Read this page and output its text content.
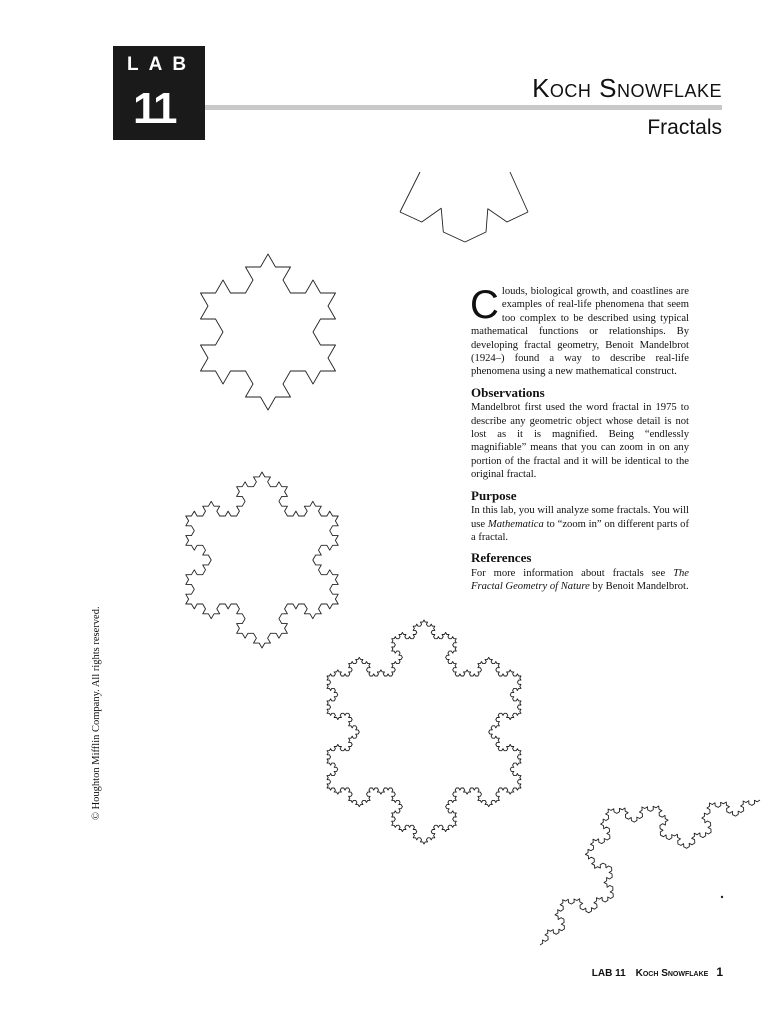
LAB
11	Koch Snowflake
Fractals
© Houghton Mifflin Company. All rights reserved.

Clouds, biological growth, and coastlines are examples of real-life phenomena that seem too complex to be described using typical mathematical functions or relationships. By developing fractal geometry, Benoit Mandelbrot (1924–) found a way to describe real-life phenomena using a new mathematical construct.

Observations

Mandelbrot first used the word fractal in 1975 to describe any geometric object whose detail is not lost as it is magnified. Being “endlessly magnifiable” means that you can zoom in on any portion of the fractal and it will be identical to the original fractal.

Purpose

In this lab, you will analyze some fractals. You will use Mathematica to “zoom in” on different parts of a fractal.

References

For more information about fractals see The Fractal Geometry of Nature by Benoit Mandelbrot.

LAB 11 Koch Snowflake 1
